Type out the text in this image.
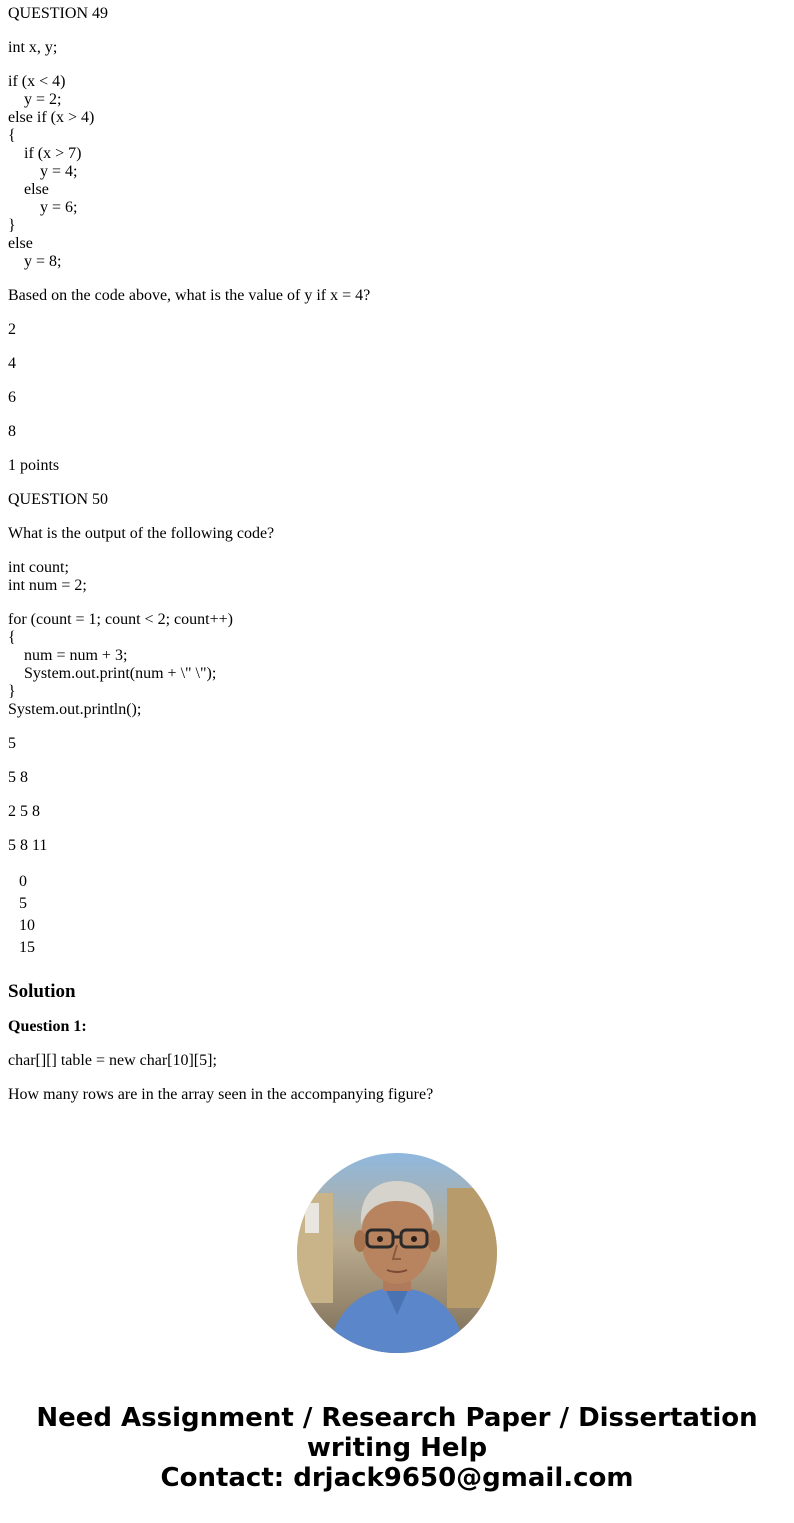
QUESTION 49
int x, y;
if (x < 4)
y = 2;
else if (x > 4)
{
if (x > 7)
y = 4;
else
y = 6;
}
else
y = 8;
Based on the code above, what is the value of y if x = 4?
2
4
6
8
1 points
QUESTION 50
What is the output of the following code?
int count;
int num = 2;
for (count = 1; count < 2; count++)
{
num = num + 3;
System.out.print(num + \" \");
}
System.out.println();
5
5 8
2 5 8
5 8 11
0
5
10
15
Solution
Question 1:
char[][] table = new char[10][5];
How many rows are in the array seen in the accompanying figure?
Need Assignment / Research Paper / Dissertation
writing Help
Contact: drjack9650@gmail.com
